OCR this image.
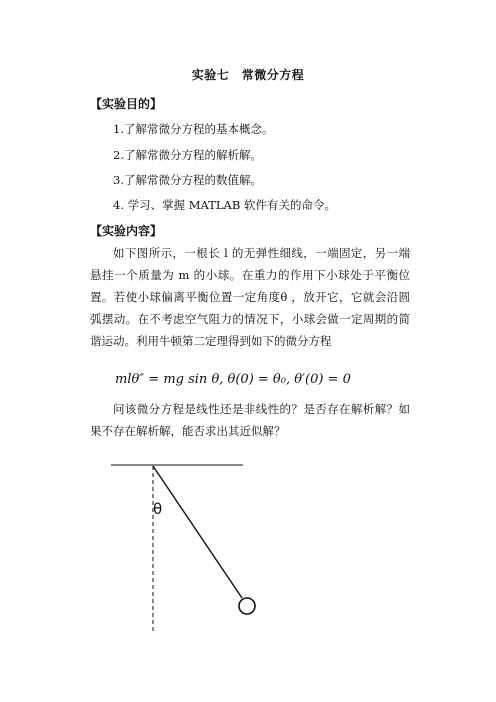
实验七　常微分方程
【实验目的】
1.了解常微分方程的基本概念。
2.了解常微分方程的解析解。
3.了解常微分方程的数值解。
4. 学习、掌握 MATLAB 软件有关的命令。
【实验内容】
如下图所示，一根长 l 的无弹性细线，一端固定，另一端悬挂一个质量为 m 的小球。在重力的作用下小球处于平衡位置。若使小球偏离平衡位置一定角度θ ，放开它，它就会沿圆弧摆动。在不考虑空气阻力的情况下，小球会做一定周期的简谐运动。利用牛顿第二定理得到如下的微分方程
mlθ″ = mg sin θ, θ(0) = θ₀, θ′(0) = 0
问该微分方程是线性还是非线性的？是否存在解析解？如果不存在解析解，能否求出其近似解？
θ
